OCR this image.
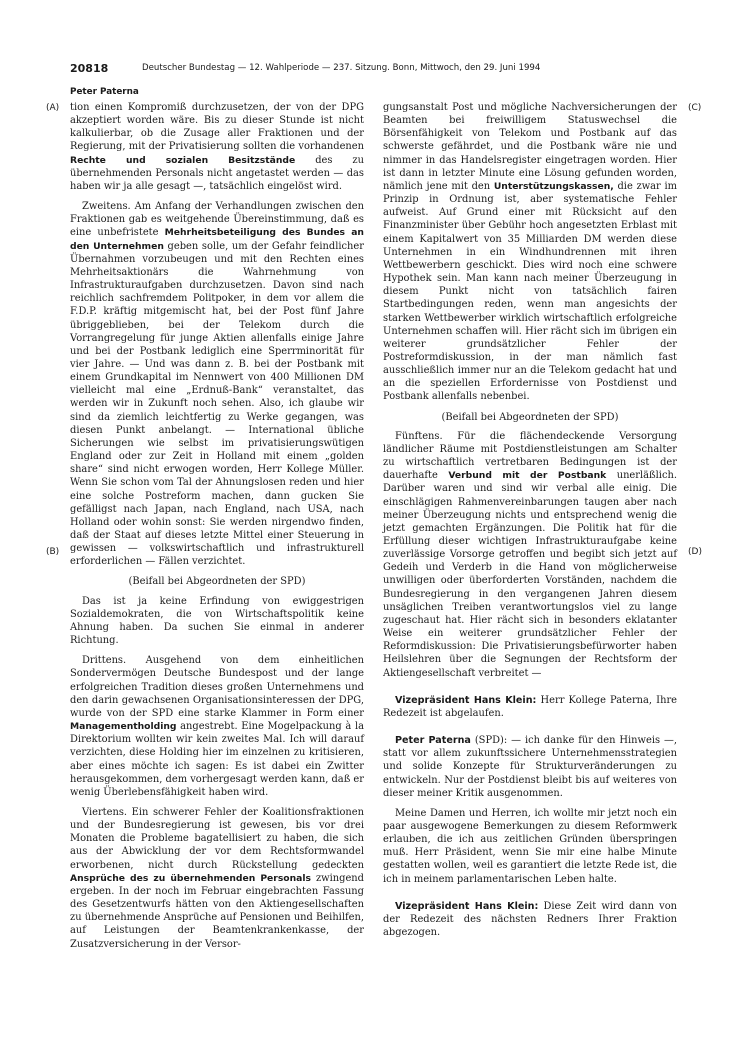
20818	Deutscher Bundestag — 12. Wahlperiode — 237. Sitzung. Bonn, Mittwoch, den 29. Juni 1994
Peter Paterna
(A)
(B)
(C)
(D)

tion einen Kompromiß durchzusetzen, der von der DPG akzeptiert worden wäre. Bis zu dieser Stunde ist nicht kalkulierbar, ob die Zusage aller Fraktionen und der Regierung, mit der Privatisierung sollten die vorhandenen Rechte und sozialen Besitzstände des zu übernehmenden Personals nicht angetastet werden — das haben wir ja alle gesagt —, tatsächlich eingelöst wird.

Zweitens. Am Anfang der Verhandlungen zwischen den Fraktionen gab es weitgehende Übereinstimmung, daß es eine unbefristete Mehrheitsbeteiligung des Bundes an den Unternehmen geben solle, um der Gefahr feindlicher Übernahmen vorzubeugen und mit den Rechten eines Mehrheitsaktionärs die Wahrnehmung von Infrastrukturaufgaben durchzusetzen. Davon sind nach reichlich sachfremdem Politpoker, in dem vor allem die F.D.P. kräftig mitgemischt hat, bei der Post fünf Jahre übriggeblieben, bei der Telekom durch die Vorrangregelung für junge Aktien allenfalls einige Jahre und bei der Postbank lediglich eine Sperrminorität für vier Jahre. — Und was dann z. B. bei der Postbank mit einem Grundkapital im Nennwert von 400 Millionen DM vielleicht mal eine „Erdnuß-Bank“ veranstaltet, das werden wir in Zukunft noch sehen. Also, ich glaube wir sind da ziemlich leichtfertig zu Werke gegangen, was diesen Punkt anbelangt. — International übliche Sicherungen wie selbst im privatisierungswütigen England oder zur Zeit in Holland mit einem „golden share“ sind nicht erwogen worden, Herr Kollege Müller. Wenn Sie schon vom Tal der Ahnungslosen reden und hier eine solche Postreform machen, dann gucken Sie gefälligst nach Japan, nach England, nach USA, nach Holland oder wohin sonst: Sie werden nirgendwo finden, daß der Staat auf dieses letzte Mittel einer Steuerung in gewissen — volkswirtschaftlich und infrastrukturell erforderlichen — Fällen verzichtet.

(Beifall bei Abgeordneten der SPD)

Das ist ja keine Erfindung von ewiggestrigen Sozialdemokraten, die von Wirtschaftspolitik keine Ahnung haben. Da suchen Sie einmal in anderer Richtung.

Drittens. Ausgehend von dem einheitlichen Sondervermögen Deutsche Bundespost und der lange erfolgreichen Tradition dieses großen Unternehmens und den darin gewachsenen Organisationsinteressen der DPG, wurde von der SPD eine starke Klammer in Form einer Managementholding angestrebt. Eine Mogelpackung à la Direktorium wollten wir kein zweites Mal. Ich will darauf verzichten, diese Holding hier im einzelnen zu kritisieren, aber eines möchte ich sagen: Es ist dabei ein Zwitter herausgekommen, dem vorhergesagt werden kann, daß er wenig Überlebensfähigkeit haben wird.

Viertens. Ein schwerer Fehler der Koalitionsfraktionen und der Bundesregierung ist gewesen, bis vor drei Monaten die Probleme bagatellisiert zu haben, die sich aus der Abwicklung der vor dem Rechtsformwandel erworbenen, nicht durch Rückstellung gedeckten Ansprüche des zu übernehmenden Personals zwingend ergeben. In der noch im Februar eingebrachten Fassung des Gesetzentwurfs hätten von den Aktiengesellschaften zu übernehmende Ansprüche auf Pensionen und Beihilfen, auf Leistungen der Beamtenkrankenkasse, der Zusatzversicherung in der Versor-

gungsanstalt Post und mögliche Nachversicherungen der Beamten bei freiwilligem Statuswechsel die Börsenfähigkeit von Telekom und Postbank auf das schwerste gefährdet, und die Postbank wäre nie und nimmer in das Handelsregister eingetragen worden. Hier ist dann in letzter Minute eine Lösung gefunden worden, nämlich jene mit den Unterstützungskassen, die zwar im Prinzip in Ordnung ist, aber systematische Fehler aufweist. Auf Grund einer mit Rücksicht auf den Finanzminister über Gebühr hoch angesetzten Erblast mit einem Kapitalwert von 35 Milliarden DM werden diese Unternehmen in ein Windhundrennen mit ihren Wettbewerbern geschickt. Dies wird noch eine schwere Hypothek sein. Man kann nach meiner Überzeugung in diesem Punkt nicht von tatsächlich fairen Startbedingungen reden, wenn man angesichts der starken Wettbewerber wirklich wirtschaftlich erfolgreiche Unternehmen schaffen will. Hier rächt sich im übrigen ein weiterer grundsätzlicher Fehler der Postreformdiskussion, in der man nämlich fast ausschließlich immer nur an die Telekom gedacht hat und an die speziellen Erfordernisse von Postdienst und Postbank allenfalls nebenbei.

(Beifall bei Abgeordneten der SPD)

Fünftens. Für die flächendeckende Versorgung ländlicher Räume mit Postdienstleistungen am Schalter zu wirtschaftlich vertretbaren Bedingungen ist der dauerhafte Verbund mit der Postbank unerläßlich. Darüber waren und sind wir verbal alle einig. Die einschlägigen Rahmenvereinbarungen taugen aber nach meiner Überzeugung nichts und entsprechend wenig die jetzt gemachten Ergänzungen. Die Politik hat für die Erfüllung dieser wichtigen Infrastrukturaufgabe keine zuverlässige Vorsorge getroffen und begibt sich jetzt auf Gedeih und Verderb in die Hand von möglicherweise unwilligen oder überforderten Vorständen, nachdem die Bundesregierung in den vergangenen Jahren diesem unsäglichen Treiben verantwortungslos viel zu lange zugeschaut hat. Hier rächt sich in besonders eklatanter Weise ein weiterer grundsätzlicher Fehler der Reformdiskussion: Die Privatisierungsbefürworter haben Heilslehren über die Segnungen der Rechtsform der Aktiengesellschaft verbreitet —

Vizepräsident Hans Klein: Herr Kollege Paterna, Ihre Redezeit ist abgelaufen.

Peter Paterna (SPD): — ich danke für den Hinweis —, statt vor allem zukunftssichere Unternehmensstrategien und solide Konzepte für Strukturveränderungen zu entwickeln. Nur der Postdienst bleibt bis auf weiteres von dieser meiner Kritik ausgenommen.

Meine Damen und Herren, ich wollte mir jetzt noch ein paar ausgewogene Bemerkungen zu diesem Reformwerk erlauben, die ich aus zeitlichen Gründen überspringen muß. Herr Präsident, wenn Sie mir eine halbe Minute gestatten wollen, weil es garantiert die letzte Rede ist, die ich in meinem parlamentarischen Leben halte.

Vizepräsident Hans Klein: Diese Zeit wird dann von der Redezeit des nächsten Redners Ihrer Fraktion abgezogen.
